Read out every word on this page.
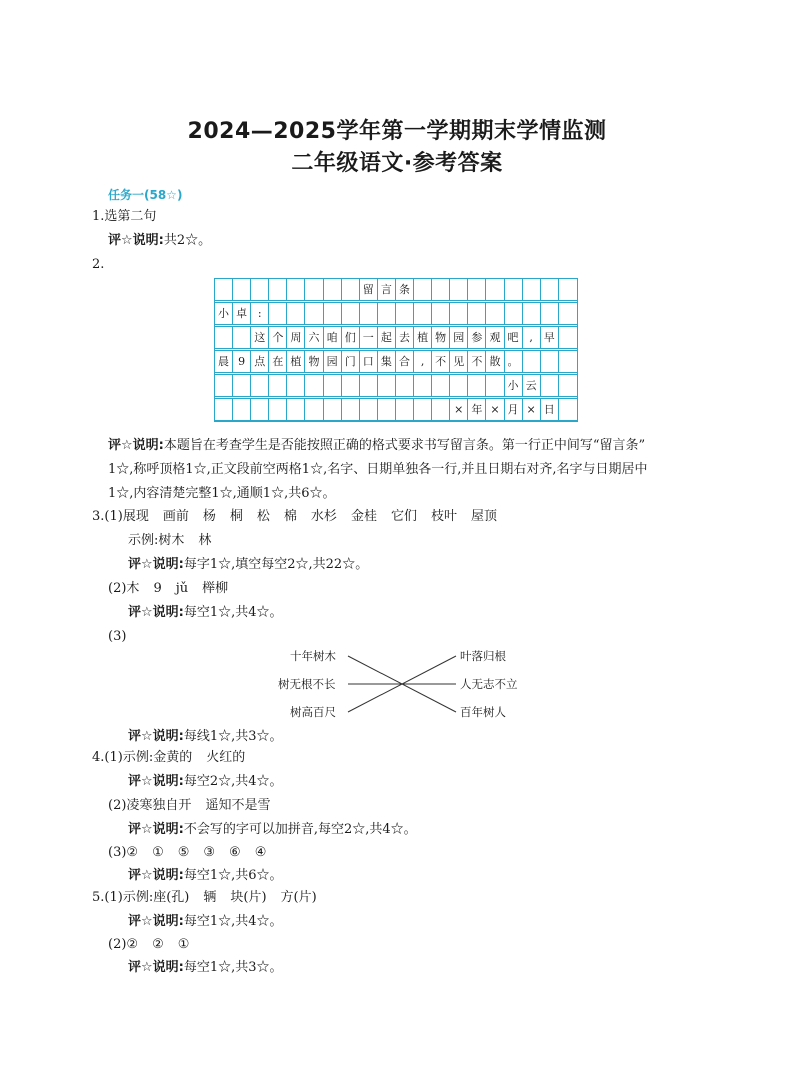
2024—2025学年第一学期期末学情监测
二年级语文·参考答案
任务一(58☆)
1.选第二句
评☆说明:共2☆。
2.
留 言 条
小 卓 :
这 个 周 六 咱 们 一 起 去 植 物 园 参 观 吧 , 早
晨 9 点 在 植 物 园 门 口 集 合 , 不 见 不 散 。
小 云
× 年 × 月 × 日
评☆说明:本题旨在考查学生是否能按照正确的格式要求书写留言条。第一行正中间写“留言条”
1☆,称呼顶格1☆,正文段前空两格1☆,名字、日期单独各一行,并且日期右对齐,名字与日期居中
1☆,内容清楚完整1☆,通顺1☆,共6☆。
3.(1)展现 画前 杨 桐 松 棉 水杉 金桂 它们 枝叶 屋顶
示例:树木 林
评☆说明:每字1☆,填空每空2☆,共22☆。
(2)木 9 jǔ 榉柳
评☆说明:每空1☆,共4☆。
(3)
十年树木
树无根不长
树高百尺
叶落归根
人无志不立
百年树人
评☆说明:每线1☆,共3☆。
4.(1)示例:金黄的 火红的
评☆说明:每空2☆,共4☆。
(2)凌寒独自开 遥知不是雪
评☆说明:不会写的字可以加拼音,每空2☆,共4☆。
(3)② ① ⑤ ③ ⑥ ④
评☆说明:每空1☆,共6☆。
5.(1)示例:座(孔) 辆 块(片) 方(片)
评☆说明:每空1☆,共4☆。
(2)② ② ①
评☆说明:每空1☆,共3☆。
